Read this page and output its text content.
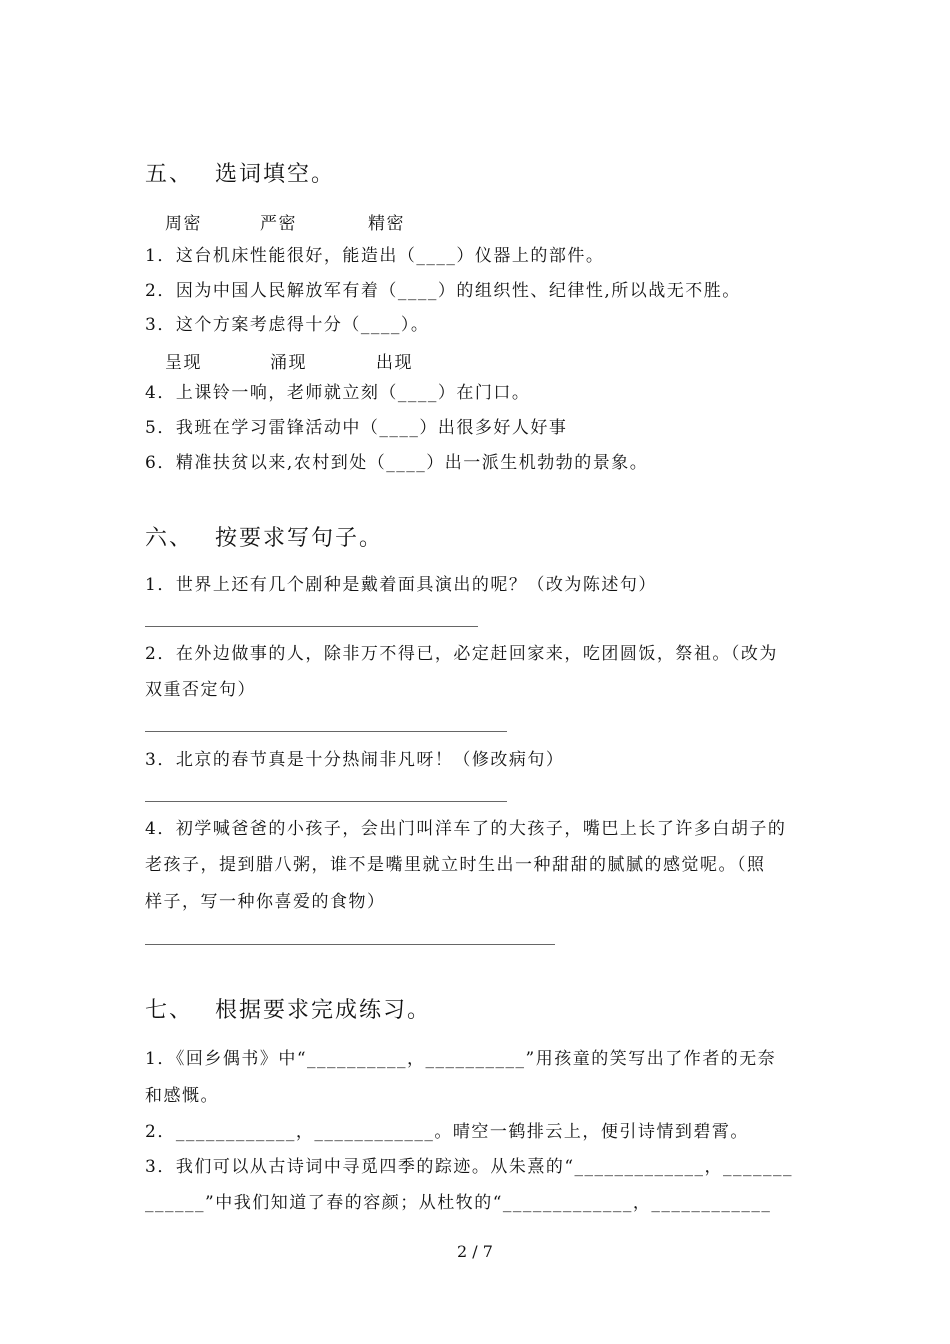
五、 选词填空。
周密	严密	精密
1．这台机床性能很好，能造出（____）仪器上的部件。
2．因为中国人民解放军有着（____）的组织性、纪律性,所以战无不胜。
3．这个方案考虑得十分（____）。
呈现	涌现	出现
4．上课铃一响，老师就立刻（____）在门口。
5．我班在学习雷锋活动中（____）出很多好人好事
6．精准扶贫以来,农村到处（____）出一派生机勃勃的景象。
六、 按要求写句子。
1．世界上还有几个剧种是戴着面具演出的呢？（改为陈述句）
2．在外边做事的人，除非万不得已，必定赶回家来，吃团圆饭，祭祖。（改为
双重否定句）
3．北京的春节真是十分热闹非凡呀！（修改病句）
4．初学喊爸爸的小孩子，会出门叫洋车了的大孩子，嘴巴上长了许多白胡子的
老孩子，提到腊八粥，谁不是嘴里就立时生出一种甜甜的腻腻的感觉呢。（照
样子，写一种你喜爱的食物）
七、 根据要求完成练习。
1．《回乡偶书》中“__________，__________”用孩童的笑写出了作者的无奈
和感慨。
2．____________，____________。晴空一鹤排云上，便引诗情到碧霄。
3．我们可以从古诗词中寻觅四季的踪迹。从朱熹的“_____________，_______
______”中我们知道了春的容颜；从杜牧的“_____________，____________
2 / 7
